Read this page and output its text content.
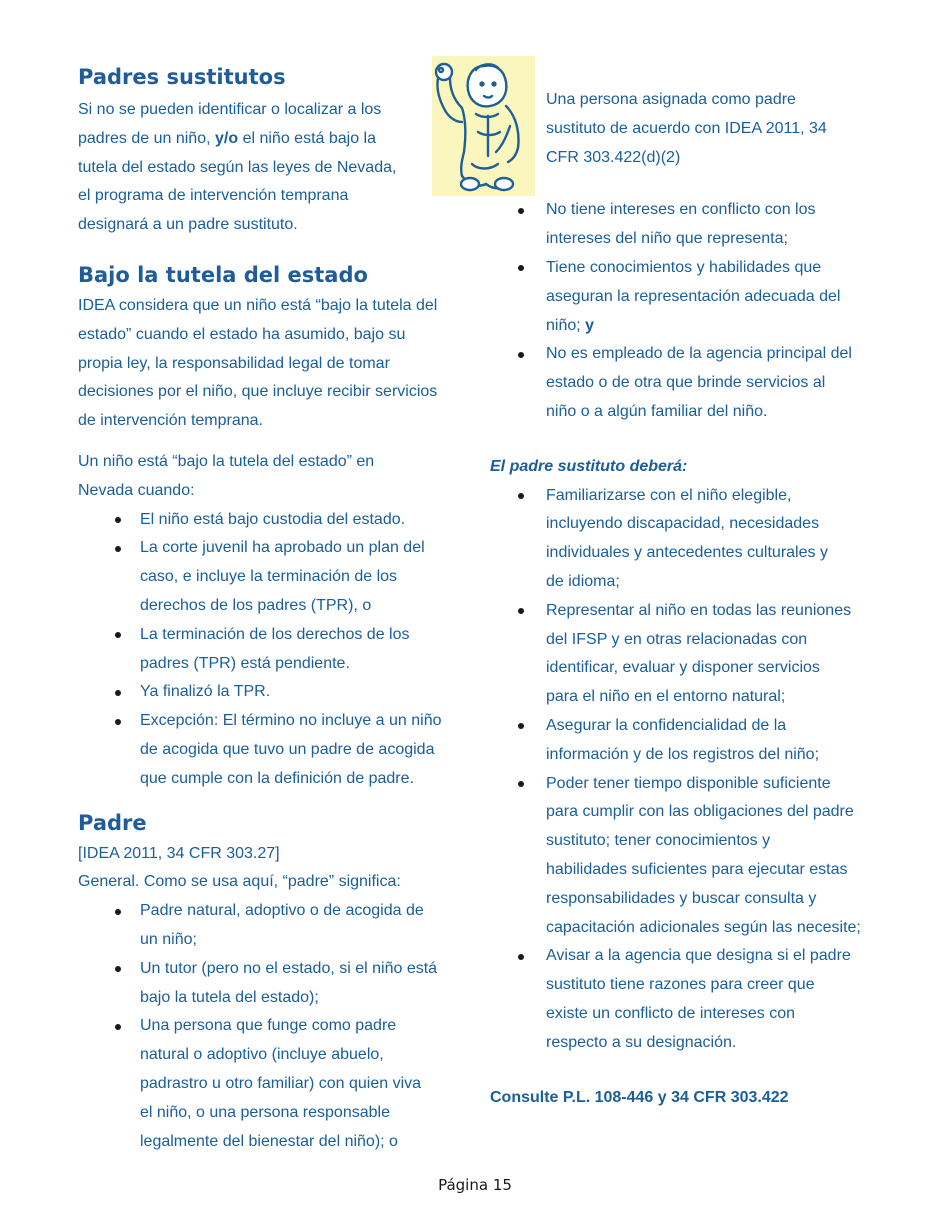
Padres sustitutos

Si no se pueden identificar o localizar a los

padres de un niño, y/o el niño está bajo la

tutela del estado según las leyes de Nevada,

el programa de intervención temprana

designará a un padre sustituto.

Bajo la tutela del estado

IDEA considera que un niño está “bajo la tutela del

estado” cuando el estado ha asumido, bajo su

propia ley, la responsabilidad legal de tomar

decisiones por el niño, que incluye recibir servicios

de intervención temprana.

Un niño está “bajo la tutela del estado” en

Nevada cuando:

El niño está bajo custodia del estado.
La corte juvenil ha aprobado un plan del
caso, e incluye la terminación de los
derechos de los padres (TPR), o
La terminación de los derechos de los
padres (TPR) está pendiente.
Ya finalizó la TPR.
Excepción: El término no incluye a un niño
de acogida que tuvo un padre de acogida
que cumple con la definición de padre.
Padre

[IDEA 2011, 34 CFR 303.27]

General. Como se usa aquí, “padre” significa:

Padre natural, adoptivo o de acogida de
un niño;
Un tutor (pero no el estado, si el niño está
bajo la tutela del estado);
Una persona que funge como padre
natural o adoptivo (incluye abuelo,
padrastro u otro familiar) con quien viva
el niño, o una persona responsable
legalmente del bienestar del niño); o

Una persona asignada como padre

sustituto de acuerdo con IDEA 2011, 34

CFR 303.422(d)(2)

No tiene intereses en conflicto con los
intereses del niño que representa;
Tiene conocimientos y habilidades que
aseguran la representación adecuada del
niño; y
No es empleado de la agencia principal del
estado o de otra que brinde servicios al
niño o a algún familiar del niño.

El padre sustituto deberá:

Familiarizarse con el niño elegible,
incluyendo discapacidad, necesidades
individuales y antecedentes culturales y
de idioma;
Representar al niño en todas las reuniones
del IFSP y en otras relacionadas con
identificar, evaluar y disponer servicios
para el niño en el entorno natural;
Asegurar la confidencialidad de la
información y de los registros del niño;
Poder tener tiempo disponible suficiente
para cumplir con las obligaciones del padre
sustituto; tener conocimientos y
habilidades suficientes para ejecutar estas
responsabilidades y buscar consulta y
capacitación adicionales según las necesite;
Avisar a la agencia que designa si el padre
sustituto tiene razones para creer que
existe un conflicto de intereses con
respecto a su designación.

Consulte P.L. 108-446 y 34 CFR 303.422

Página 15
